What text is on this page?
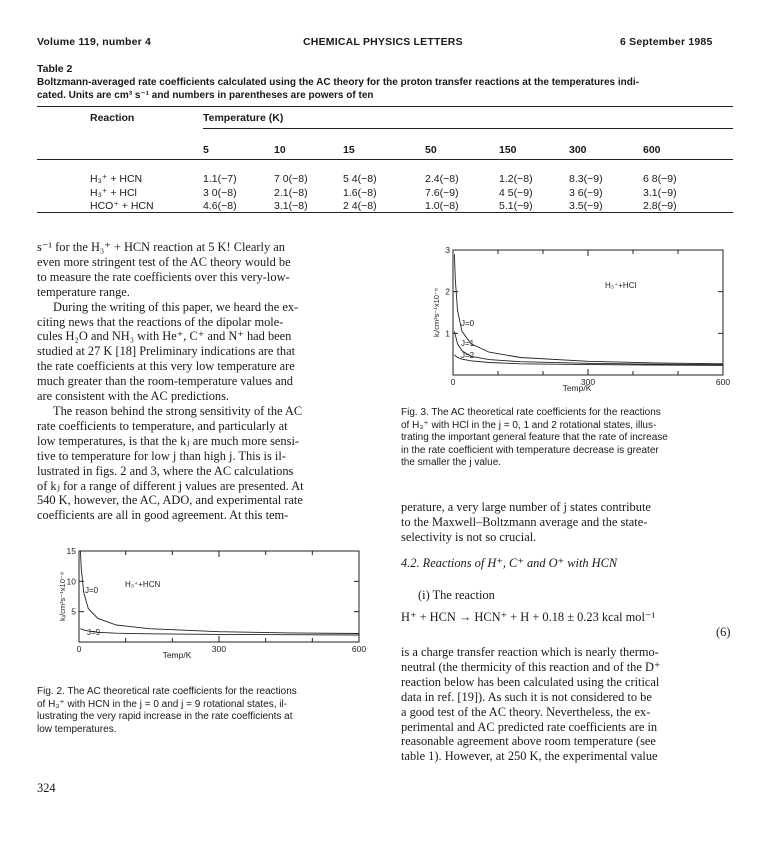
Volume 119, number 4	CHEMICAL PHYSICS LETTERS	6 September 1985
Table 2
Boltzmann-averaged rate coefficients calculated using the AC theory for the proton transfer reactions at the temperatures indi-
cated. Units are cm³ s⁻¹ and numbers in parentheses are powers of ten
Reaction	Temperature (K)
5	10	15	50	150	300	600
H₃⁺ + HCN	1.1(−7)	7 0(−8)	5 4(−8)	2.4(−8)	1.2(−8)	8.3(−9)	6 8(−9)
H₃⁺ + HCl	3 0(−8)	2.1(−8)	1.6(−8)	7.6(−9)	4 5(−9)	3 6(−9)	3.1(−9)
HCO⁺ + HCN	4.6(−8)	3.1(−8)	2 4(−8)	1.0(−8)	5.1(−9)	3.5(−9)	2.8(−9)

s⁻¹ for the H₃⁺ + HCN reaction at 5 K! Clearly an

even more stringent test of the AC theory would be

to measure the rate coefficients over this very-low-

temperature range.

During the writing of this paper, we heard the ex-

citing news that the reactions of the dipolar mole-

cules H₂O and NH₃ with He⁺, C⁺ and N⁺ had been

studied at 27 K [18] Preliminary indications are that

the rate coefficients at this very low temperature are

much greater than the room-temperature values and

are consistent with the AC predictions.

The reason behind the strong sensitivity of the AC

rate coefficients to temperature, and particularly at

low temperatures, is that the kⱼ are much more sensi-

tive to temperature for low j than high j. This is il-

lustrated in figs. 2 and 3, where the AC calculations

of kⱼ for a range of different j values are presented. At

540 K, however, the AC, ADO, and experimental rate

coefficients are all in good agreement. At this tem-

0	300	600
15
10
5
Temp/K
kⱼ/cm³s⁻¹x10⁻⁹	H₃⁺+HCN
J=0
J=9
Fig. 2. The AC theoretical rate coefficients for the reactions
of H₃⁺ with HCN in the j = 0 and j = 9 rotational states, il-
lustrating the very rapid increase in the rate coefficients at
low temperatures.
0	300	600
3
2
1
Temp/K
kⱼ/cm³s⁻¹x10⁻⁸
H₃⁺+HCl
J=0
J=1
J=2
Fig. 3. The AC theoretical rate coefficients for the reactions
of H₃⁺ with HCl in the j = 0, 1 and 2 rotational states, illus-
trating the important general feature that the rate of increase
in the rate coefficient with temperature decrease is greater
the smaller the j value.

perature, a very large number of j states contribute

to the Maxwell–Boltzmann average and the state-

selectivity is not so crucial.

4.2. Reactions of H⁺, C⁺ and O⁺ with HCN
(i) The reaction
H⁺ + HCN → HCN⁺ + H + 0.18 ± 0.23 kcal mol⁻¹
(6)

is a charge transfer reaction which is nearly thermo-

neutral (the thermicity of this reaction and of the D⁺

reaction below has been calculated using the critical

data in ref. [19]). As such it is not considered to be

a good test of the AC theory. Nevertheless, the ex-

perimental and AC predicted rate coefficients are in

reasonable agreement above room temperature (see

table 1). However, at 250 K, the experimental value

324
